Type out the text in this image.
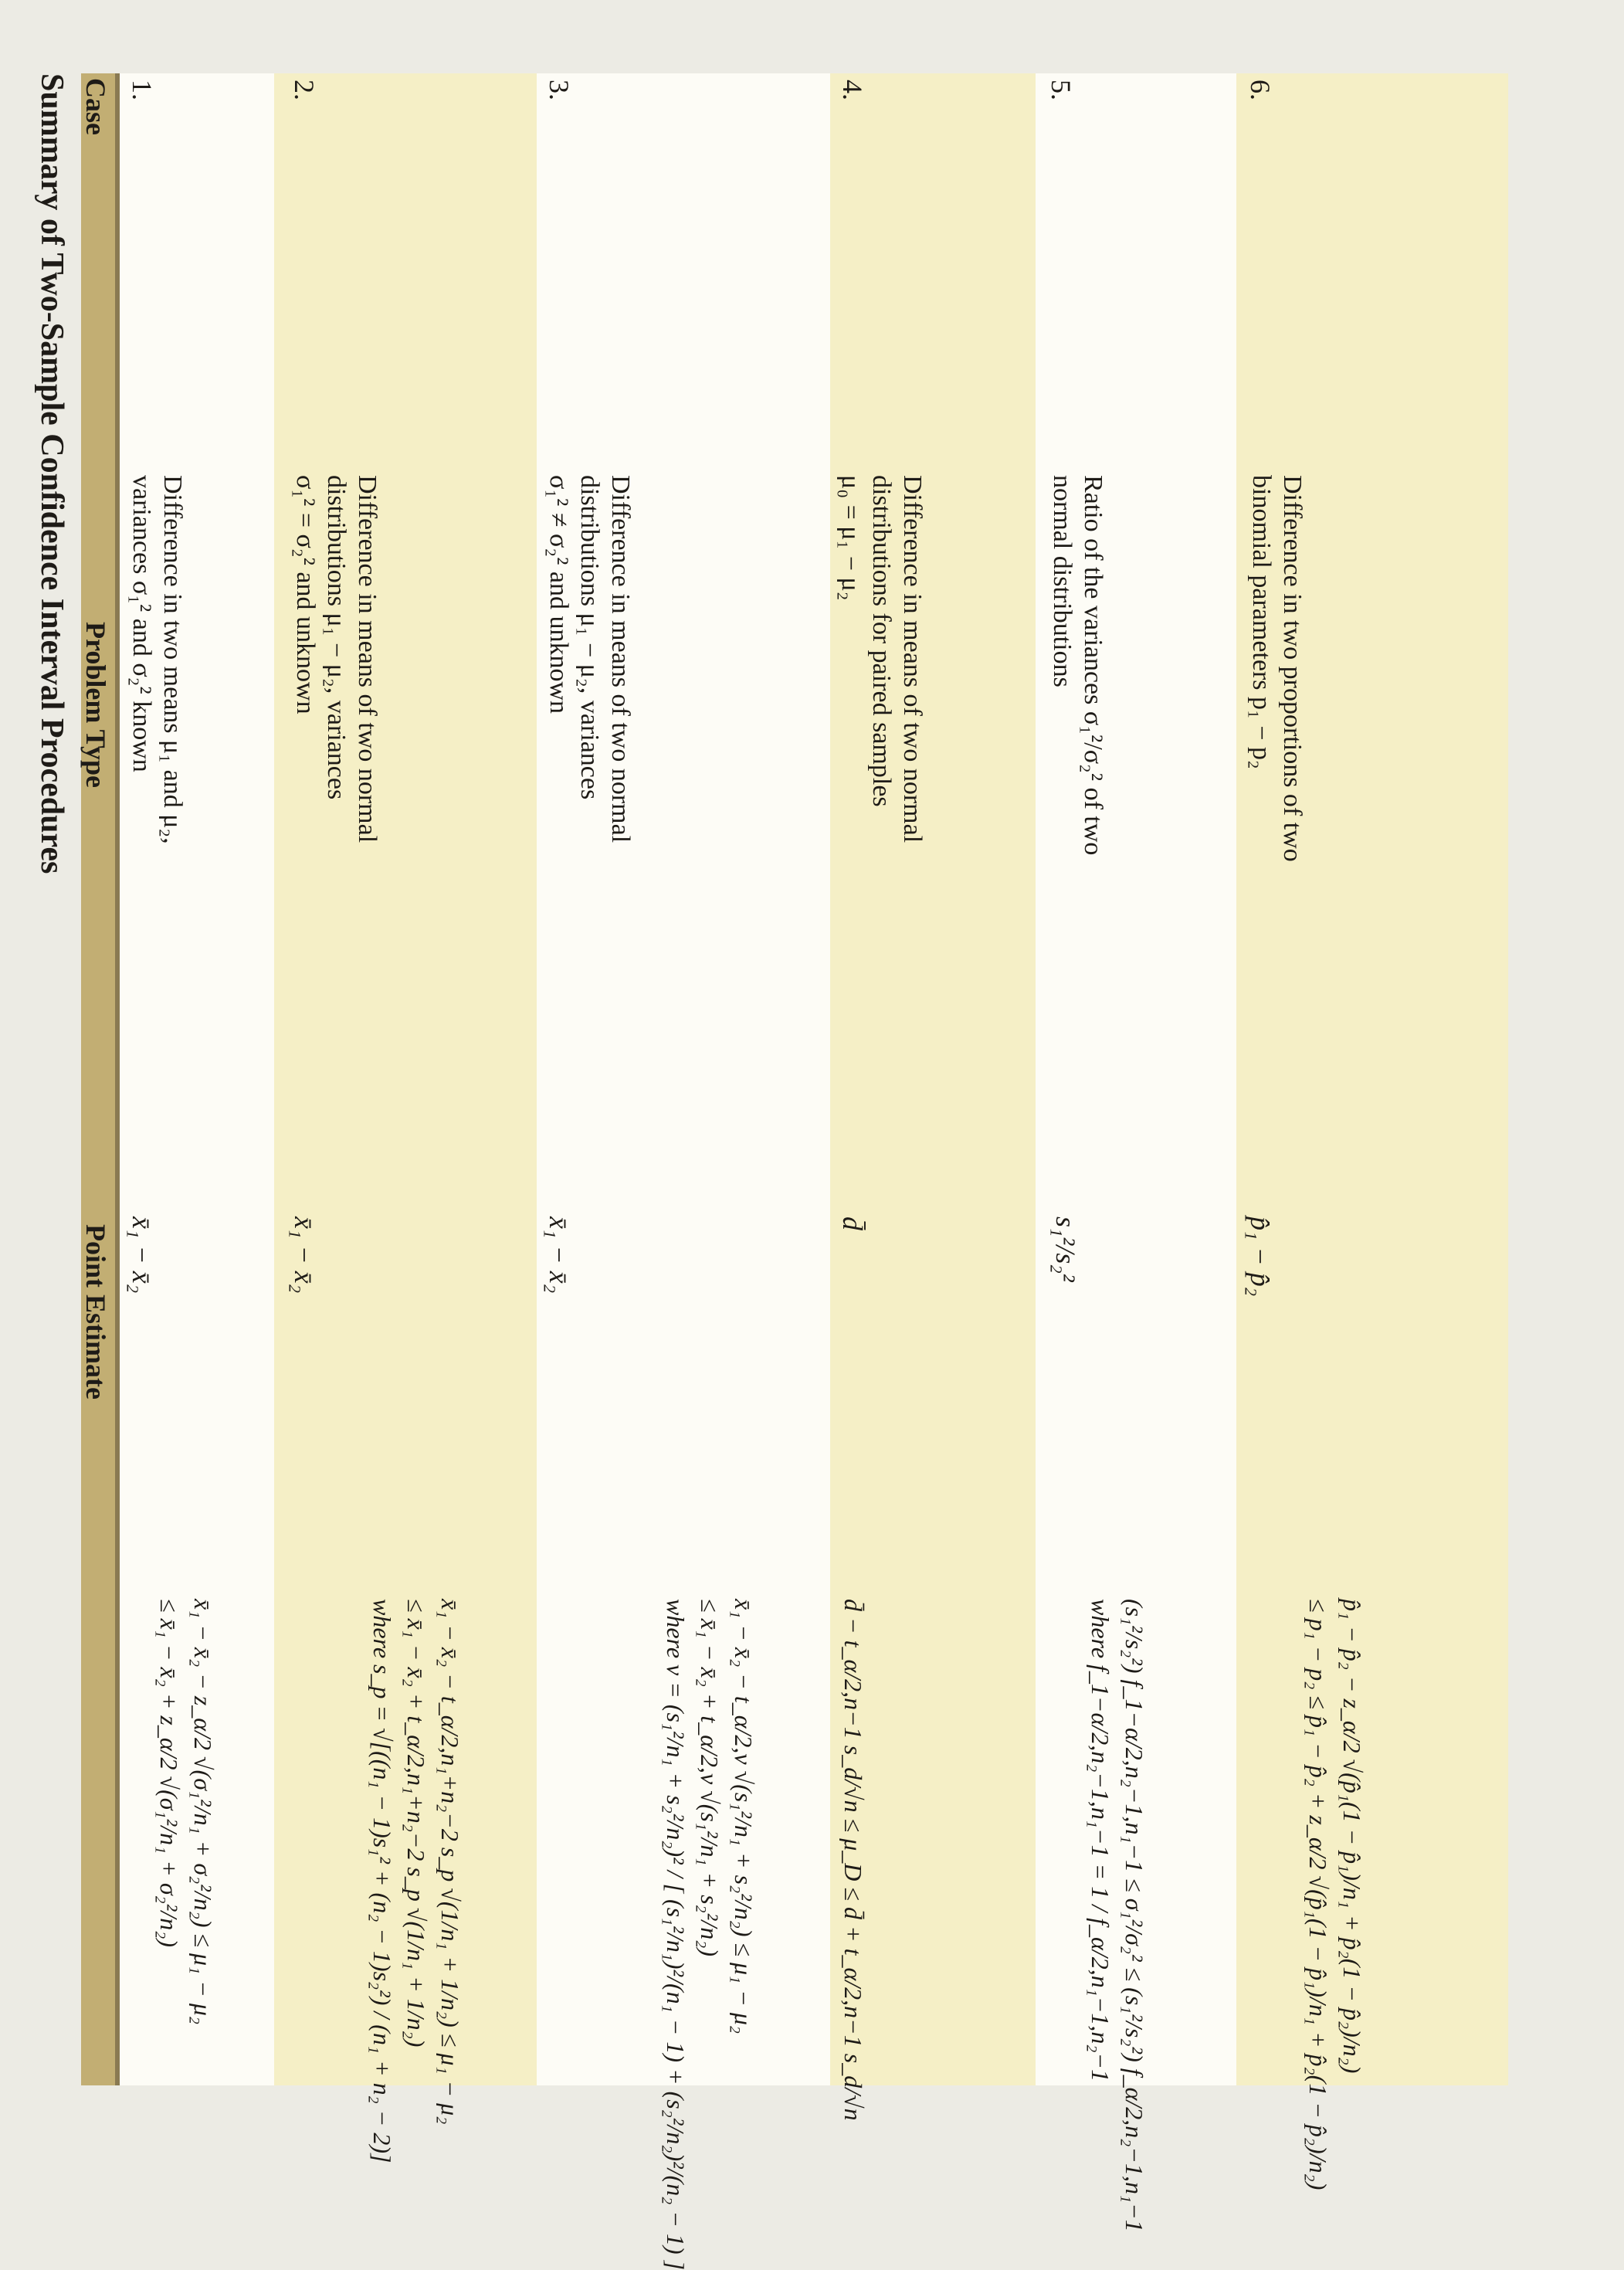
Summary of Two-Sample Confidence Interval Procedures Case
Problem Type
Point Estimate
1.
Difference in two means μ₁ and μ₂,
variances σ₁² and σ₂² known
x̄₁ − x̄₂
x̄₁ − x̄₂ − z_α/2 √(σ₁²/n₁ + σ₂²/n₂) ≤ μ₁ − μ₂
≤ x̄₁ − x̄₂ + z_α/2 √(σ₁²/n₁ + σ₂²/n₂)
2.
Difference in means of two normal
distributions μ₁ − μ₂, variances
σ₁² = σ₂² and unknown
x̄₁ − x̄₂
x̄₁ − x̄₂ − t_α/2,n₁+n₂−2 s_p √(1/n₁ + 1/n₂) ≤ μ₁ − μ₂
≤ x̄₁ − x̄₂ + t_α/2,n₁+n₂−2 s_p √(1/n₁ + 1/n₂)
where s_p = √[((n₁ − 1)s₁² + (n₂ − 1)s₂²) / (n₁ + n₂ − 2)]
3.
Difference in means of two normal
distributions μ₁ − μ₂, variances
σ₁² ≠ σ₂² and unknown
x̄₁ − x̄₂
x̄₁ − x̄₂ − t_α/2,v √(s₁²/n₁ + s₂²/n₂) ≤ μ₁ − μ₂
≤ x̄₁ − x̄₂ + t_α/2,v √(s₁²/n₁ + s₂²/n₂)
where v = (s₁²/n₁ + s₂²/n₂)² / [ (s₁²/n₁)²/(n₁ − 1) + (s₂²/n₂)²/(n₂ − 1) ]
4.
Difference in means of two normal
distributions for paired samples
μ₀ = μ₁ − μ₂
d̄
d̄ − t_α/2,n−1 s_d/√n ≤ μ_D ≤ d̄ + t_α/2,n−1 s_d/√n
5.
Ratio of the variances σ₁²/σ₂² of two
normal distributions
s₁²/s₂²
(s₁²/s₂²) f_1−α/2,n₂−1,n₁−1 ≤ σ₁²/σ₂² ≤ (s₁²/s₂²) f_α/2,n₂−1,n₁−1
where f_1−α/2,n₂−1,n₁−1 = 1 / f_α/2,n₁−1,n₂−1
6.
Difference in two proportions of two
binomial parameters p₁ − p₂
p̂₁ − p̂₂
p̂₁ − p̂₂ − z_α/2 √(p̂₁(1 − p̂₁)/n₁ + p̂₂(1 − p̂₂)/n₂)
≤ p₁ − p₂ ≤ p̂₁ − p̂₂ + z_α/2 √(p̂₁(1 − p̂₁)/n₁ + p̂₂(1 − p̂₂)/n₂)
